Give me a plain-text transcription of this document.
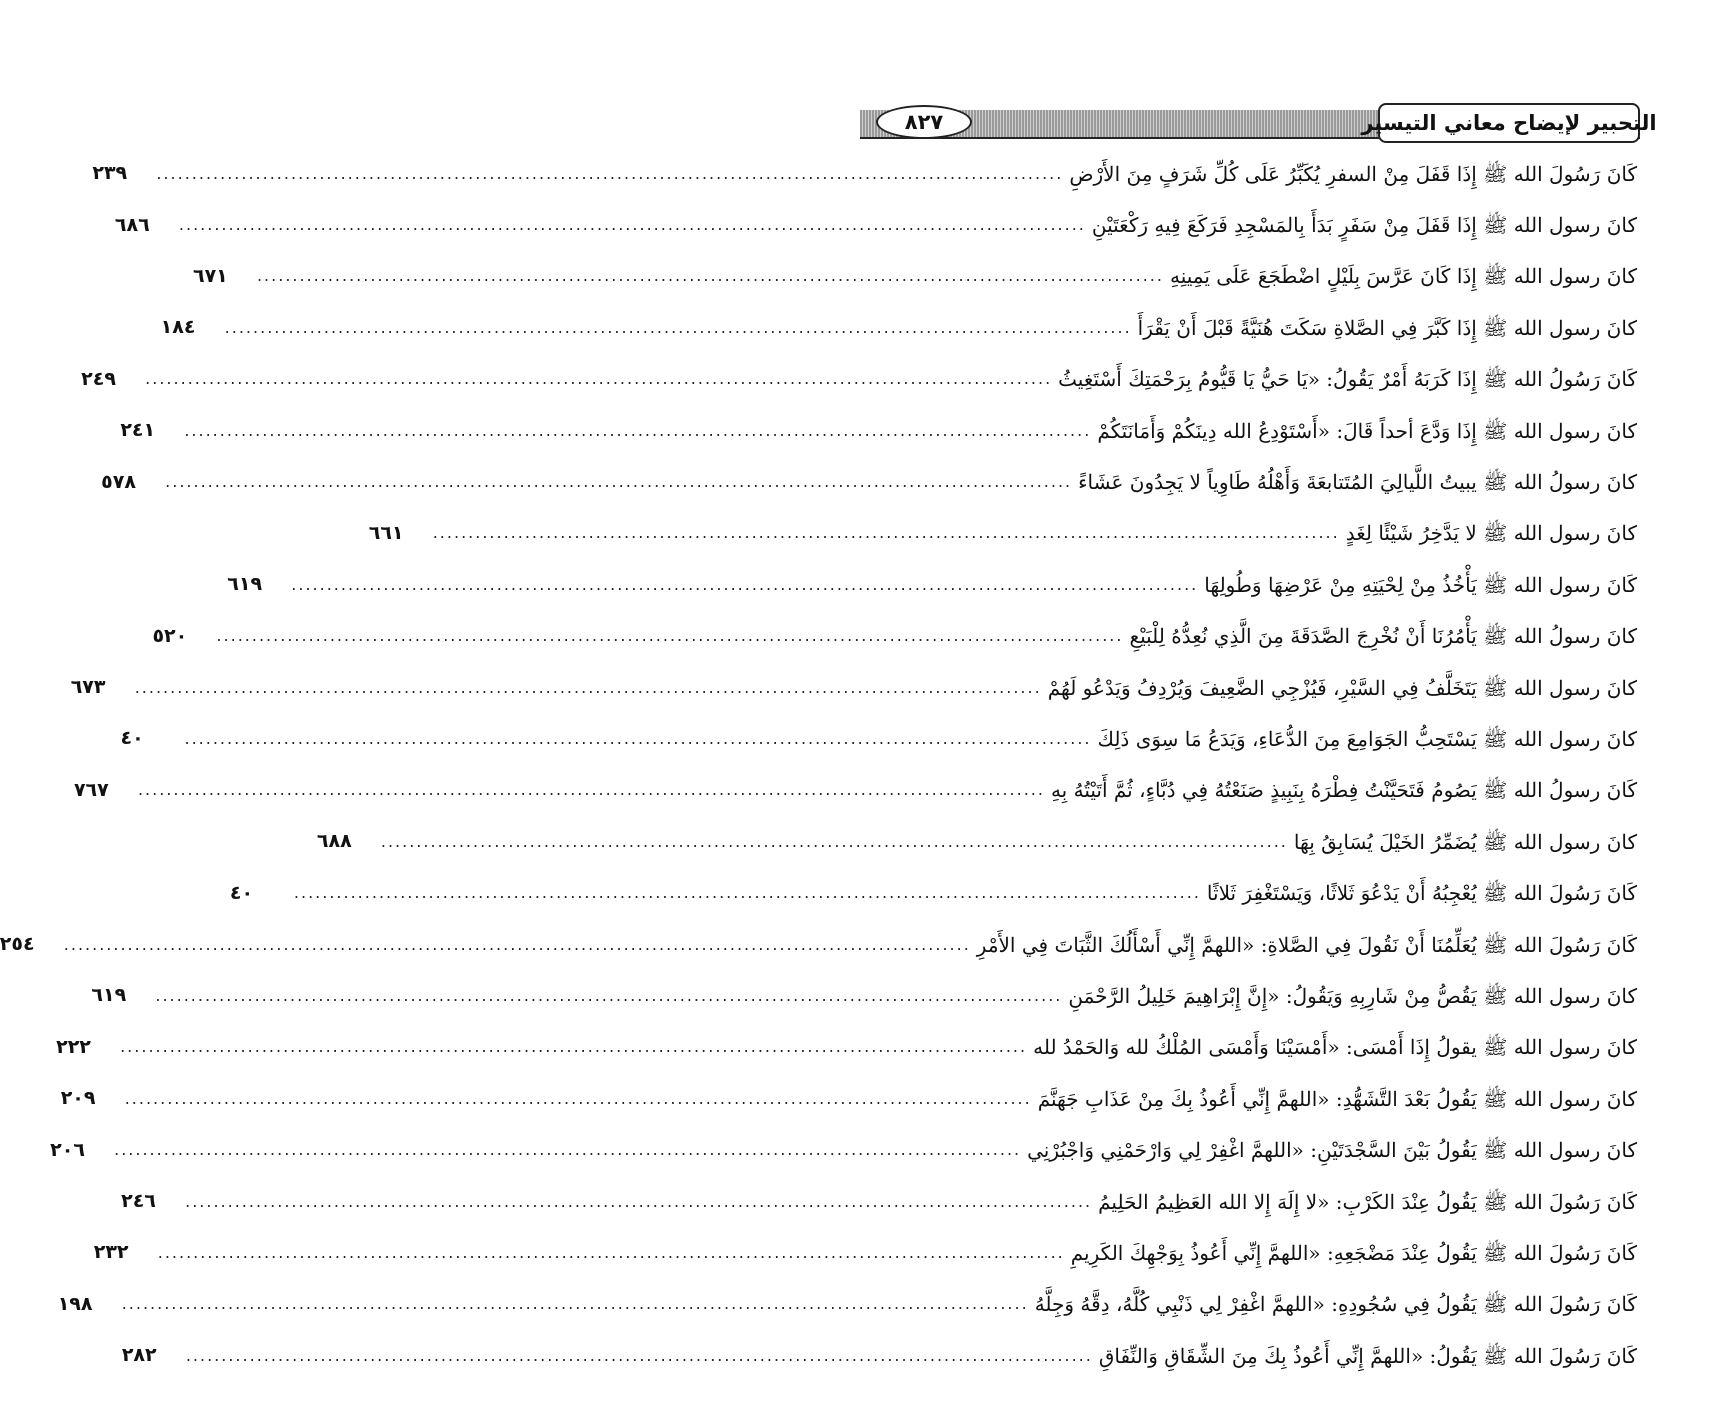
التحبير لإيضاح معاني التيسير
٨٢٧
كَانَ رَسُولَ الله ﷺ إِذَا قَفَلَ مِنْ السفرِ يُكَبِّرُ عَلَى كُلِّ شَرَفٍ مِنَ الأَرْضِ
.....
٢٣٩
كانَ رسول الله ﷺ إِذَا قَفَلَ مِنْ سَفَرٍ بَدَأَ بِالمَسْجِدِ فَرَكَعَ فِيهِ رَكْعَتَيْنِ
.....
٦٨٦
كانَ رسول الله ﷺ إِذَا كَانَ عَرَّسَ بِلَيْلٍ اضْطَجَعَ عَلَى يَمِينِهِ
.....
٦٧١
كانَ رسول الله ﷺ إِذَا كَبَّرَ فِي الصَّلاةِ سَكَتَ هُنَيَّةً قَبْلَ أَنْ يَقْرَأَ
.....
١٨٤
كَانَ رَسُولُ الله ﷺ إِذَا كَرَبَهُ أَمْرٌ يَقُولُ: «يَا حَيُّ يَا قَيُّومُ بِرَحْمَتِكَ أَسْتَغِيثُ
.....
٢٤٩
كانَ رسول الله ﷺ إِذَا وَدَّعَ أحداً قَالَ: «أَسْتَوْدِعُ الله دِينَكُمْ وَأَمَانَتَكُمْ
.....
٢٤١
كانَ رسولُ الله ﷺ يبيتُ اللَّيالِيَ المُتَتابعَةَ وَأَهْلُهُ طَاوِياً لا يَجِدُونَ عَشَاءً
.....
٥٧٨
كانَ رسول الله ﷺ لا يَدَّخِرُ شَيْئًا لِغَدٍ
.....
٦٦١
كَانَ رسول الله ﷺ يَأْخُذُ مِنْ لِحْيَتِهِ مِنْ عَرْضِهَا وَطُولِهَا
.....
٦١٩
كانَ رسولُ الله ﷺ يَأْمُرُنَا أَنْ نُخْرِجَ الصَّدَقَةَ مِنَ الَّذِي نُعِدُّهُ لِلْبَيْعِ
.....
٥٢٠
كانَ رسول الله ﷺ يَتَخَلَّفُ فِي السَّيْرِ، فَيُزْجِي الضَّعِيفَ وَيُرْدِفُ وَيَدْعُو لَهُمْ
.....
٦٧٣
كانَ رسول الله ﷺ يَسْتَحِبُّ الجَوَامِعَ مِنَ الدُّعَاءِ، وَيَدَعُ مَا سِوَى ذَلِكَ
.....
٤٠
كَانَ رسولُ الله ﷺ يَصُومُ فَتَحَيَّنْتُ فِطْرَهُ بِنَبِيذٍ صَنَعْتُهُ فِي دُبَّاءٍ، ثُمَّ أَتَيْتُهُ بِهِ
.....
٧٦٧
كانَ رسول الله ﷺ يُضَمِّرُ الخَيْلَ يُسَابِقُ بِهَا
.....
٦٨٨
كَانَ رَسُولَ الله ﷺ يُعْجِبُهُ أَنْ يَدْعُوَ ثَلاثًا، وَيَسْتَغْفِرَ ثَلاثًا
.....
٤٠
كَانَ رَسُولَ الله ﷺ يُعَلِّمُنَا أَنْ نَقُولَ فِي الصَّلاةِ: «اللهمَّ إِنِّي أَسْأَلُكَ الثَّبَاتَ فِي الأَمْرِ
.....
٢٥٤
كانَ رسول الله ﷺ يَقُصُّ مِنْ شَارِبِهِ وَيَقُولُ: «إِنَّ إِبْرَاهِيمَ خَلِيلُ الرَّحْمَنِ
.....
٦١٩
كانَ رسول الله ﷺ يقولُ إِذَا أَمْسَى: «أَمْسَيْنَا وَأَمْسَى المُلْكُ لله وَالحَمْدُ لله
.....
٢٢٢
كانَ رسول الله ﷺ يَقُولُ بَعْدَ التَّشَهُّدِ: «اللهمَّ إِنِّي أَعُوذُ بِكَ مِنْ عَذَابِ جَهَنَّمَ
.....
٢٠٩
كانَ رسول الله ﷺ يَقُولُ بَيْنَ السَّجْدَتَيْنِ: «اللهمَّ اغْفِرْ لِي وَارْحَمْنِي وَاجْبُرْنِي
.....
٢٠٦
كَانَ رَسُولَ الله ﷺ يَقُولُ عِنْدَ الكَرْبِ: «لا إِلَهَ إِلا الله العَظِيمُ الحَلِيمُ
.....
٢٤٦
كَانَ رَسُولَ الله ﷺ يَقُولُ عِنْدَ مَضْجَعِهِ: «اللهمَّ إِنِّي أَعُوذُ بِوَجْهِكَ الكَرِيمِ
.....
٢٣٢
كَانَ رَسُولَ الله ﷺ يَقُولُ فِي سُجُودِهِ: «اللهمَّ اغْفِرْ لِي ذَنْبِي كُلَّهُ، دِقَّهُ وَجِلَّهُ
.....
١٩٨
كَانَ رَسُولَ الله ﷺ يَقُولُ: «اللهمَّ إِنِّي أَعُوذُ بِكَ مِنَ الشِّقَاقِ وَالنِّفَاقِ
.....
٢٨٢
